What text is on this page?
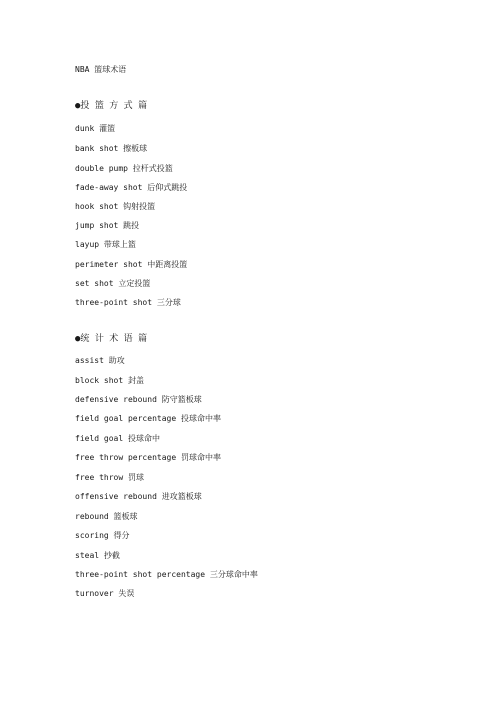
NBA 篮球术语
●投 篮 方 式 篇
dunk 灌篮
bank shot 擦板球
double pump 拉杆式投篮
fade-away shot 后仰式跳投
hook shot 钩射投篮
jump shot 跳投
layup 带球上篮
perimeter shot 中距离投篮
set shot 立定投篮
three-point shot 三分球
●统 计 术 语 篇
assist 助攻
block shot 封盖
defensive rebound 防守篮板球
field goal percentage 投球命中率
field goal 投球命中
free throw percentage 罚球命中率
free throw 罚球
offensive rebound 进攻篮板球
rebound 篮板球
scoring 得分
steal 抄截
three-point shot percentage 三分球命中率
turnover 失误
